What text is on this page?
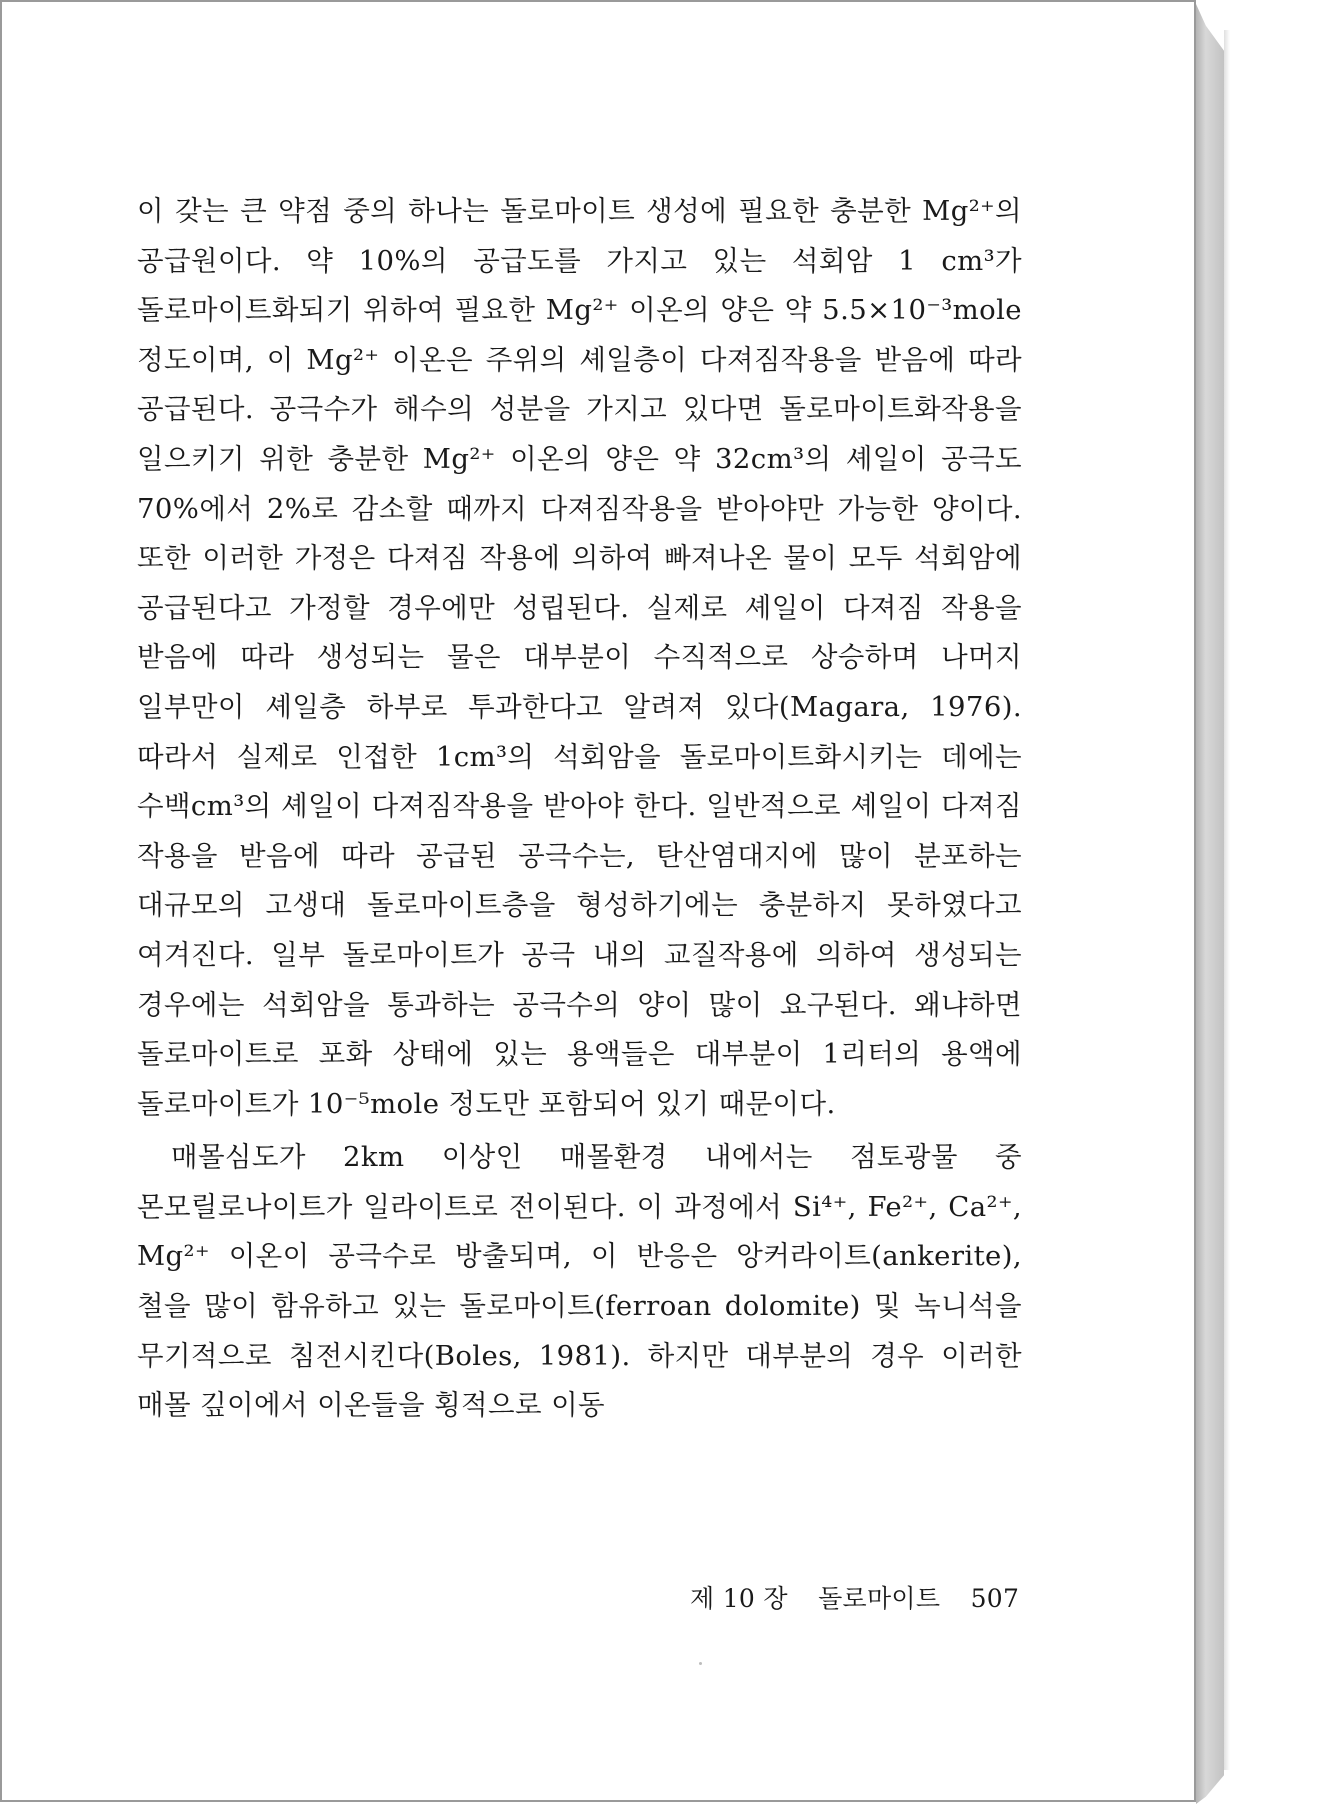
이 갖는 큰 약점 중의 하나는 돌로마이트 생성에 필요한 충분한 Mg²⁺의 공급원이다. 약 10%의 공급도를 가지고 있는 석회암 1 cm³가 돌로마이트화되기 위하여 필요한 Mg²⁺ 이온의 양은 약 5.5×10⁻³mole 정도이며, 이 Mg²⁺ 이온은 주위의 셰일층이 다져짐작용을 받음에 따라 공급된다. 공극수가 해수의 성분을 가지고 있다면 돌로마이트화작용을 일으키기 위한 충분한 Mg²⁺ 이온의 양은 약 32cm³의 셰일이 공극도 70%에서 2%로 감소할 때까지 다져짐작용을 받아야만 가능한 양이다. 또한 이러한 가정은 다져짐 작용에 의하여 빠져나온 물이 모두 석회암에 공급된다고 가정할 경우에만 성립된다. 실제로 셰일이 다져짐 작용을 받음에 따라 생성되는 물은 대부분이 수직적으로 상승하며 나머지 일부만이 셰일층 하부로 투과한다고 알려져 있다(Magara, 1976). 따라서 실제로 인접한 1cm³의 석회암을 돌로마이트화시키는 데에는 수백cm³의 셰일이 다져짐작용을 받아야 한다. 일반적으로 셰일이 다져짐 작용을 받음에 따라 공급된 공극수는, 탄산염대지에 많이 분포하는 대규모의 고생대 돌로마이트층을 형성하기에는 충분하지 못하였다고 여겨진다. 일부 돌로마이트가 공극 내의 교질작용에 의하여 생성되는 경우에는 석회암을 통과하는 공극수의 양이 많이 요구된다. 왜냐하면 돌로마이트로 포화 상태에 있는 용액들은 대부분이 1리터의 용액에 돌로마이트가 10⁻⁵mole 정도만 포함되어 있기 때문이다.

매몰심도가 2km 이상인 매몰환경 내에서는 점토광물 중 몬모릴로나이트가 일라이트로 전이된다. 이 과정에서 Si⁴⁺, Fe²⁺, Ca²⁺, Mg²⁺ 이온이 공극수로 방출되며, 이 반응은 앙커라이트(ankerite), 철을 많이 함유하고 있는 돌로마이트(ferroan dolomite) 및 녹니석을 무기적으로 침전시킨다(Boles, 1981). 하지만 대부분의 경우 이러한 매몰 깊이에서 이온들을 횡적으로 이동

제 10 장 돌로마이트 507
